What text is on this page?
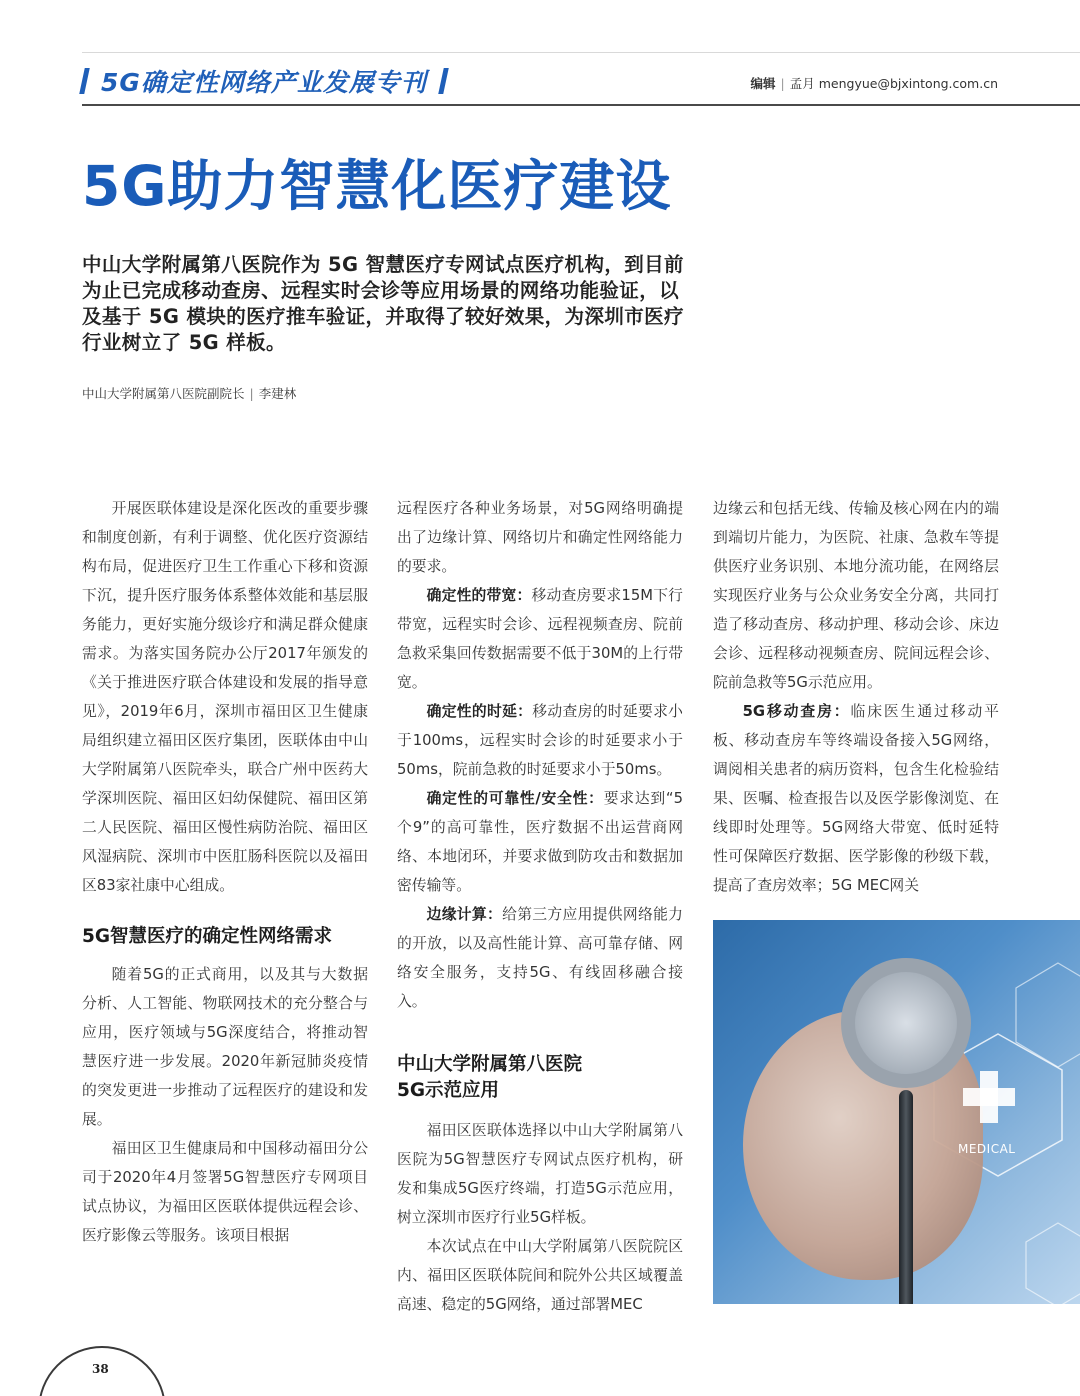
5G确定性网络产业发展专刊	编辑 | 孟月 mengyue@bjxintong.com.cn
5G助力智慧化医疗建设
中山大学附属第八医院作为 5G 智慧医疗专网试点医疗机构，到目前为止已完成移动查房、远程实时会诊等应用场景的网络功能验证，以及基于 5G 模块的医疗推车验证，并取得了较好效果，为深圳市医疗行业树立了 5G 样板。
中山大学附属第八医院副院长 | 李建林

开展医联体建设是深化医改的重要步骤和制度创新，有利于调整、优化医疗资源结构布局，促进医疗卫生工作重心下移和资源下沉，提升医疗服务体系整体效能和基层服务能力，更好实施分级诊疗和满足群众健康需求。为落实国务院办公厅2017年颁发的《关于推进医疗联合体建设和发展的指导意见》，2019年6月，深圳市福田区卫生健康局组织建立福田区医疗集团，医联体由中山大学附属第八医院牵头，联合广州中医药大学深圳医院、福田区妇幼保健院、福田区第二人民医院、福田区慢性病防治院、福田区风湿病院、深圳市中医肛肠科医院以及福田区83家社康中心组成。

5G智慧医疗的确定性网络需求

随着5G的正式商用，以及其与大数据分析、人工智能、物联网技术的充分整合与应用，医疗领域与5G深度结合，将推动智慧医疗进一步发展。2020年新冠肺炎疫情的突发更进一步推动了远程医疗的建设和发展。

福田区卫生健康局和中国移动福田分公司于2020年4月签署5G智慧医疗专网项目试点协议，为福田区医联体提供远程会诊、医疗影像云等服务。该项目根据

远程医疗各种业务场景，对5G网络明确提出了边缘计算、网络切片和确定性网络能力的要求。

确定性的带宽：移动查房要求15M下行带宽，远程实时会诊、远程视频查房、院前急救采集回传数据需要不低于30M的上行带宽。

确定性的时延：移动查房的时延要求小于100ms，远程实时会诊的时延要求小于50ms，院前急救的时延要求小于50ms。

确定性的可靠性/安全性：要求达到“5个9”的高可靠性，医疗数据不出运营商网络、本地闭环，并要求做到防攻击和数据加密传输等。

边缘计算：给第三方应用提供网络能力的开放，以及高性能计算、高可靠存储、网络安全服务，支持5G、有线固移融合接入。

中山大学附属第八医院
5G示范应用

福田区医联体选择以中山大学附属第八医院为5G智慧医疗专网试点医疗机构，研发和集成5G医疗终端，打造5G示范应用，树立深圳市医疗行业5G样板。

本次试点在中山大学附属第八医院院区内、福田区医联体院间和院外公共区域覆盖高速、稳定的5G网络，通过部署MEC

边缘云和包括无线、传输及核心网在内的端到端切片能力，为医院、社康、急救车等提供医疗业务识别、本地分流功能，在网络层实现医疗业务与公众业务安全分离，共同打造了移动查房、移动护理、移动会诊、床边会诊、远程移动视频查房、院间远程会诊、院前急救等5G示范应用。

5G移动查房：临床医生通过移动平板、移动查房车等终端设备接入5G网络，调阅相关患者的病历资料，包含生化检验结果、医嘱、检查报告以及医学影像浏览、在线即时处理等。5G网络大带宽、低时延特性可保障医疗数据、医学影像的秒级下载，提高了查房效率；5G MEC网关

MEDICAL
38
